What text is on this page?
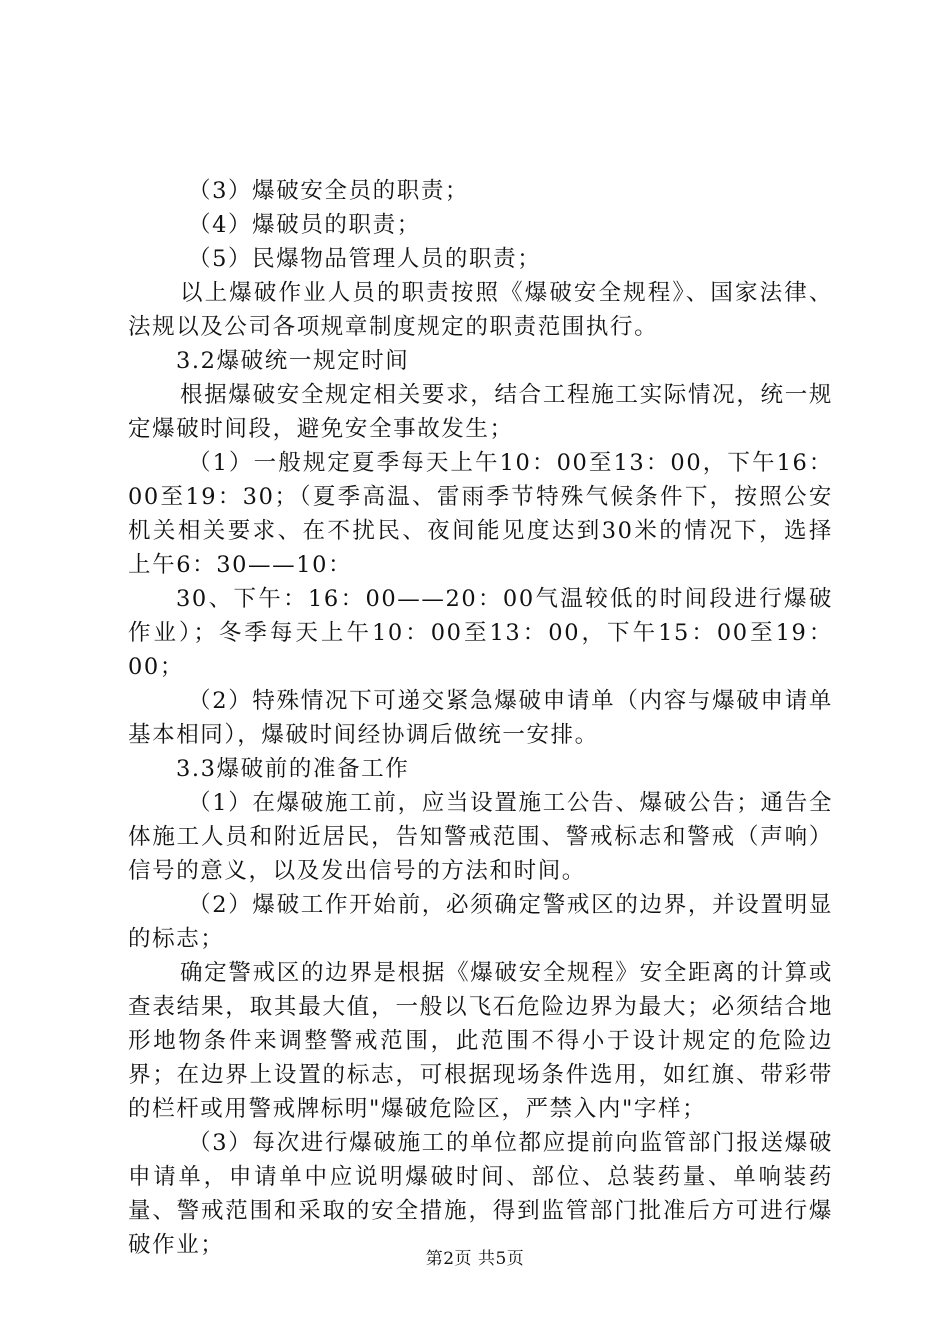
（3）爆破安全员的职责；

（4）爆破员的职责；

（5）民爆物品管理人员的职责；

以上爆破作业人员的职责按照《爆破安全规程》、国家法律、法规以及公司各项规章制度规定的职责范围执行。

3.2爆破统一规定时间

根据爆破安全规定相关要求，结合工程施工实际情况，统一规定爆破时间段，避免安全事故发生；

（1）一般规定夏季每天上午10：00至13：00，下午16：00至19：30；（夏季高温、雷雨季节特殊气候条件下，按照公安机关相关要求、在不扰民、夜间能见度达到30米的情况下，选择上午6：30——10：

30、下午：16：00——20：00气温较低的时间段进行爆破作业）；冬季每天上午10：00至13：00，下午15：00至19：00；

（2）特殊情况下可递交紧急爆破申请单（内容与爆破申请单基本相同），爆破时间经协调后做统一安排。

3.3爆破前的准备工作

（1）在爆破施工前，应当设置施工公告、爆破公告；通告全体施工人员和附近居民，告知警戒范围、警戒标志和警戒（声响）信号的意义，以及发出信号的方法和时间。

（2）爆破工作开始前，必须确定警戒区的边界，并设置明显的标志；

确定警戒区的边界是根据《爆破安全规程》安全距离的计算或查表结果，取其最大值，一般以飞石危险边界为最大；必须结合地形地物条件来调整警戒范围，此范围不得小于设计规定的危险边界；在边界上设置的标志，可根据现场条件选用，如红旗、带彩带的栏杆或用警戒牌标明"爆破危险区，严禁入内"字样；

（3）每次进行爆破施工的单位都应提前向监管部门报送爆破申请单，申请单中应说明爆破时间、部位、总装药量、单响装药量、警戒范围和采取的安全措施，得到监管部门批准后方可进行爆破作业；

第2页 共5页
